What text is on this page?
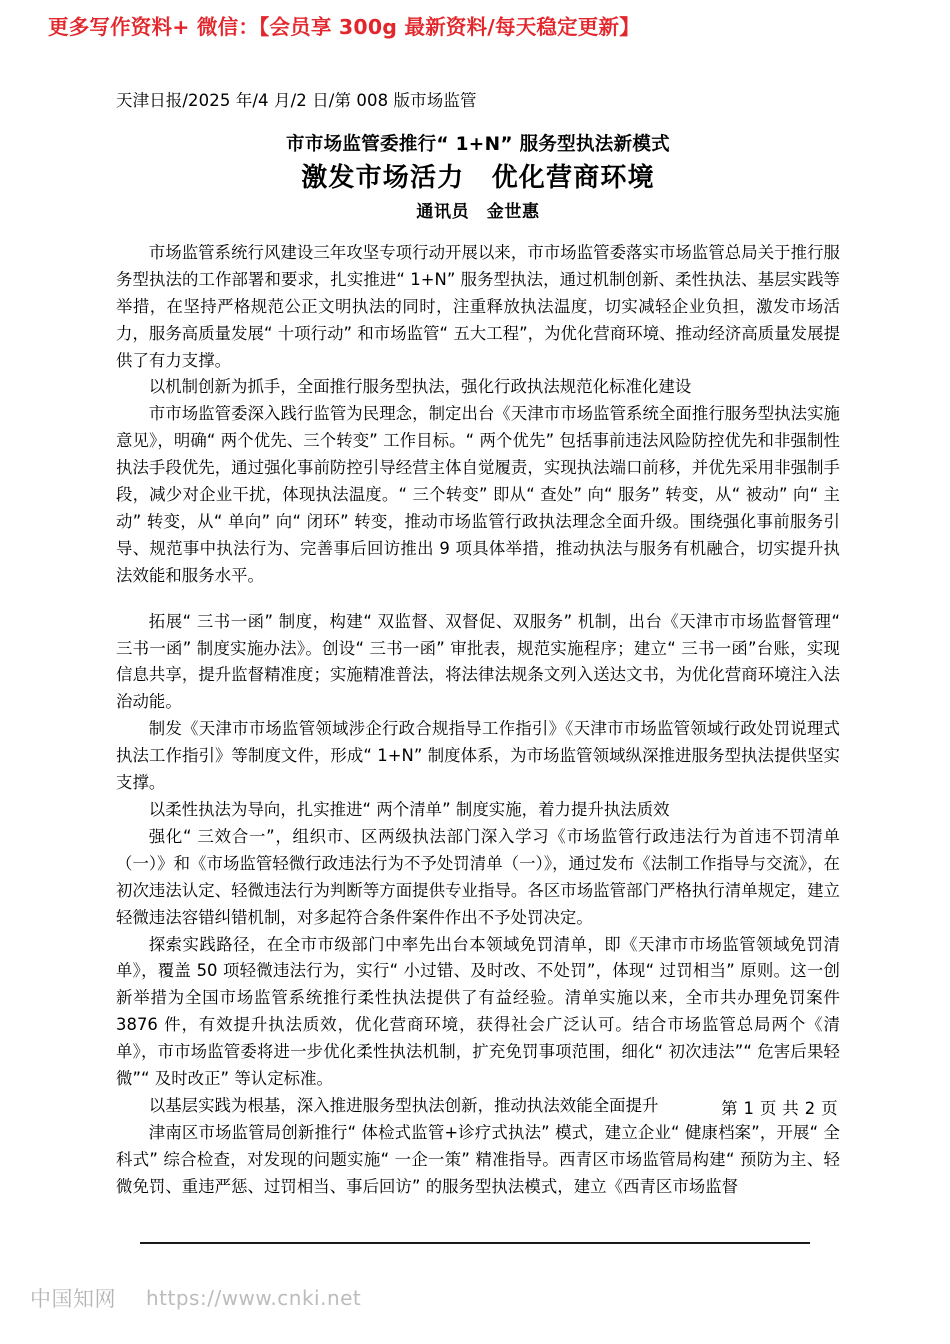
更多写作资料+ 微信：【会员享 300g 最新资料/每天稳定更新】
天津日报/2025 年/4 月/2 日/第 008 版市场监管
市市场监管委推行“ 1+N” 服务型执法新模式
激发市场活力　优化营商环境
通讯员　金世惠

市场监管系统行风建设三年攻坚专项行动开展以来，市市场监管委落实市场监管总局关于推行服务型执法的工作部署和要求，扎实推进“ 1+N” 服务型执法，通过机制创新、柔性执法、基层实践等举措，在坚持严格规范公正文明执法的同时，注重释放执法温度，切实减轻企业负担，激发市场活力，服务高质量发展“ 十项行动” 和市场监管“ 五大工程”，为优化营商环境、推动经济高质量发展提供了有力支撑。

以机制创新为抓手，全面推行服务型执法，强化行政执法规范化标准化建设

市市场监管委深入践行监管为民理念，制定出台《天津市市场监管系统全面推行服务型执法实施意见》，明确“ 两个优先、三个转变” 工作目标。“ 两个优先” 包括事前违法风险防控优先和非强制性执法手段优先，通过强化事前防控引导经营主体自觉履责，实现执法端口前移，并优先采用非强制手段，减少对企业干扰，体现执法温度。“ 三个转变” 即从“ 查处” 向“ 服务” 转变，从“ 被动” 向“ 主动” 转变，从“ 单向” 向“ 闭环” 转变，推动市场监管行政执法理念全面升级。围绕强化事前服务引导、规范事中执法行为、完善事后回访推出 9 项具体举措，推动执法与服务有机融合，切实提升执法效能和服务水平。

拓展“ 三书一函” 制度，构建“ 双监督、双督促、双服务” 机制，出台《天津市市场监督管理“ 三书一函” 制度实施办法》。创设“ 三书一函” 审批表，规范实施程序；建立“ 三书一函”台账，实现信息共享，提升监督精准度；实施精准普法，将法律法规条文列入送达文书，为优化营商环境注入法治动能。

制发《天津市市场监管领域涉企行政合规指导工作指引》《天津市市场监管领域行政处罚说理式执法工作指引》等制度文件，形成“ 1+N” 制度体系，为市场监管领域纵深推进服务型执法提供坚实支撑。

以柔性执法为导向，扎实推进“ 两个清单” 制度实施，着力提升执法质效

强化“ 三效合一”，组织市、区两级执法部门深入学习《市场监管行政违法行为首违不罚清单（一）》和《市场监管轻微行政违法行为不予处罚清单（一）》，通过发布《法制工作指导与交流》，在初次违法认定、轻微违法行为判断等方面提供专业指导。各区市场监管部门严格执行清单规定，建立轻微违法容错纠错机制，对多起符合条件案件作出不予处罚决定。

探索实践路径，在全市市级部门中率先出台本领域免罚清单，即《天津市市场监管领域免罚清单》，覆盖 50 项轻微违法行为，实行“ 小过错、及时改、不处罚”，体现“ 过罚相当” 原则。这一创新举措为全国市场监管系统推行柔性执法提供了有益经验。清单实施以来，全市共办理免罚案件 3876 件，有效提升执法质效，优化营商环境，获得社会广泛认可。结合市场监管总局两个《清单》，市市场监管委将进一步优化柔性执法机制，扩充免罚事项范围，细化“ 初次违法”“ 危害后果轻微”“ 及时改正” 等认定标准。

以基层实践为根基，深入推进服务型执法创新，推动执法效能全面提升

津南区市场监管局创新推行“ 体检式监管+诊疗式执法” 模式，建立企业“ 健康档案”，开展“ 全科式” 综合检查，对发现的问题实施“ 一企一策” 精准指导。西青区市场监管局构建“ 预防为主、轻微免罚、重违严惩、过罚相当、事后回访” 的服务型执法模式，建立《西青区市场监督

第 1 页 共 2 页
中国知网 https://www.cnki.net
